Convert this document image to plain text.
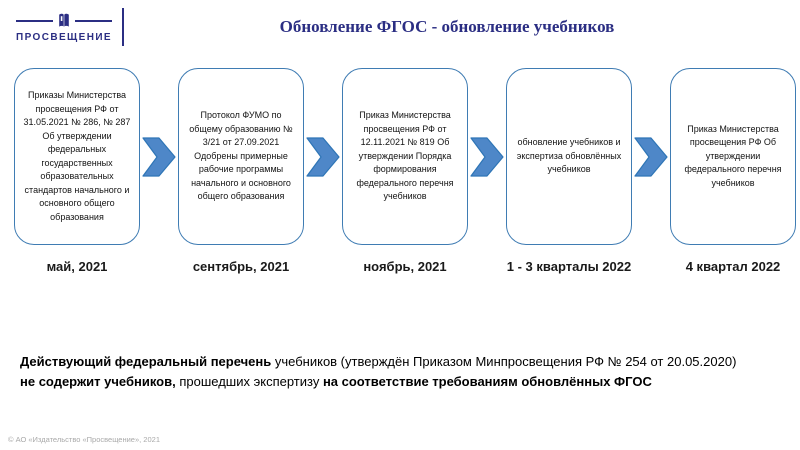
ПРОСВЕЩЕНИЕ
Обновление ФГОС - обновление учебников
Приказы Министерства просвещения РФ от 31.05.2021 № 286, № 287 Об утверждении федеральных государственных образовательных стандартов начального и основного общего образования
Протокол ФУМО по общему образованию № 3/21 от 27.09.2021 Одобрены примерные рабочие программы начального и основного общего образования
Приказ Министерства просвещения РФ от 12.11.2021 № 819 Об утверждении Порядка формирования федерального перечня учебников
обновление учебников и экспертиза обновлённых учебников
Приказ Министерства просвещения РФ Об утверждении федерального перечня учебников
май, 2021	сентябрь, 2021	ноябрь, 2021	1 - 3 кварталы 2022	4 квартал 2022
Действующий федеральный перечень учебников (утверждён Приказом Минпросвещения РФ № 254 от 20.05.2020) не содержит учебников, прошедших экспертизу на соответствие требованиям обновлённых ФГОС
© АО «Издательство «Просвещение», 2021
